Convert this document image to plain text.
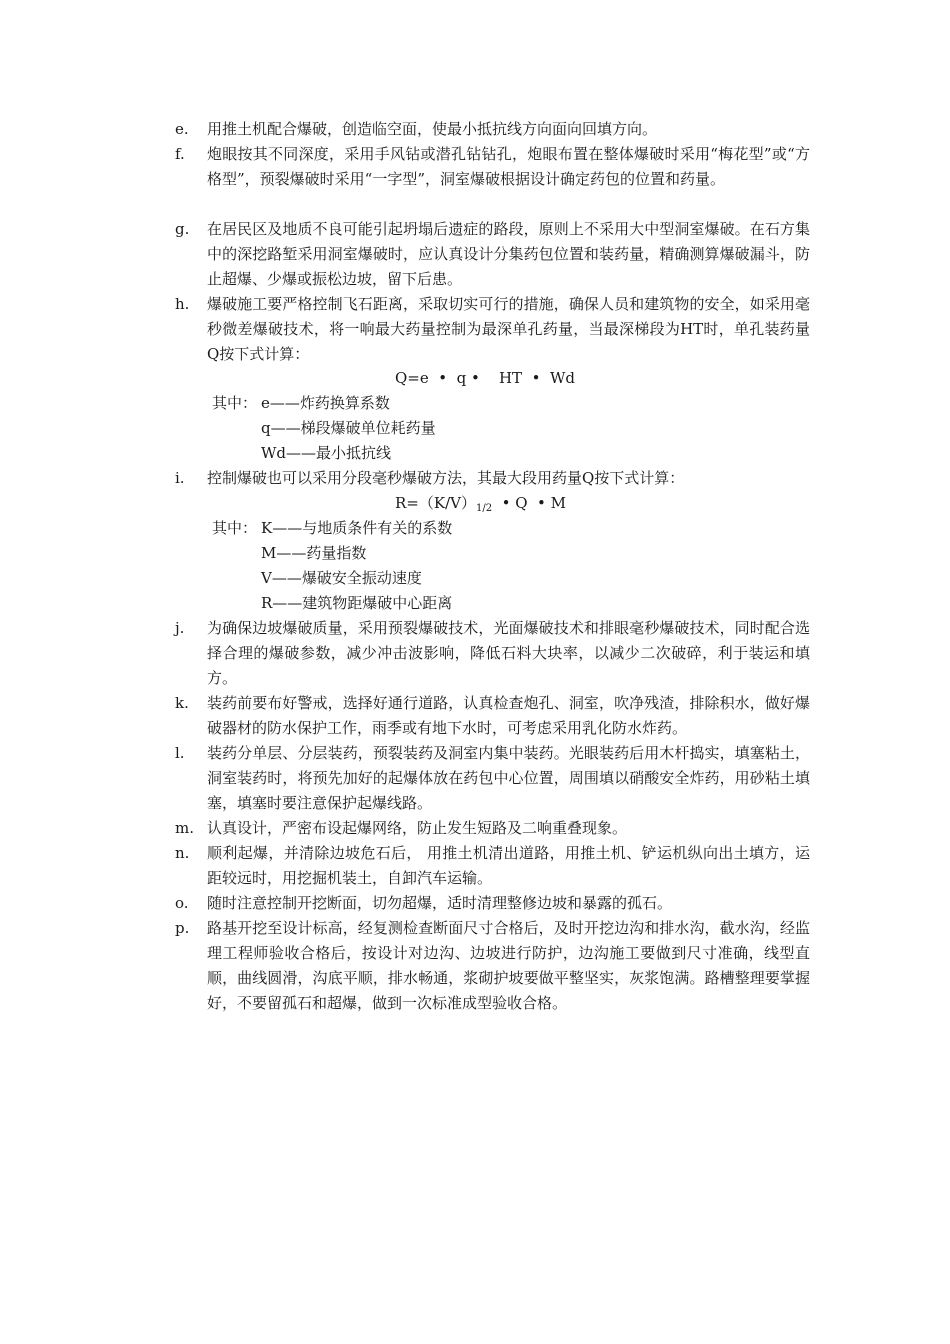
e.	用推土机配合爆破，创造临空面，使最小抵抗线方向面向回填方向。
f.	炮眼按其不同深度，采用手风钻或潜孔钻钻孔，炮眼布置在整体爆破时采用“梅花型”或“方格型”，预裂爆破时采用“一字型”，洞室爆破根据设计确定药包的位置和药量。
g.	在居民区及地质不良可能引起坍塌后遗症的路段，原则上不采用大中型洞室爆破。在石方集中的深挖路堑采用洞室爆破时，应认真设计分集药包位置和装药量，精确测算爆破漏斗，防止超爆、少爆或振松边坡，留下后患。
h.	爆破施工要严格控制飞石距离，采取切实可行的措施，确保人员和建筑物的安全，如采用毫秒微差爆破技术，将一响最大药量控制为最深单孔药量，当最深梯段为HT时，单孔装药量Q按下式计算：
Q=e  •  q •    HT  •  Wd
其中： e——炸药换算系数
q——梯段爆破单位耗药量
Wd——最小抵抗线
i.	控制爆破也可以采用分段毫秒爆破方法，其最大段用药量Q按下式计算：
$R=(K/V)_{1/2}$  • Q  • M
其中： K——与地质条件有关的系数
M——药量指数
V——爆破安全振动速度
R——建筑物距爆破中心距离
j.	为确保边坡爆破质量，采用预裂爆破技术，光面爆破技术和排眼毫秒爆破技术，同时配合选择合理的爆破参数，减少冲击波影响，降低石料大块率，以减少二次破碎，利于装运和填方。
k.	装药前要布好警戒，选择好通行道路，认真检查炮孔、洞室，吹净残渣，排除积水，做好爆破器材的防水保护工作，雨季或有地下水时，可考虑采用乳化防水炸药。
l.	装药分单层、分层装药，预裂装药及洞室内集中装药。光眼装药后用木杆捣实，填塞粘土，洞室装药时，将预先加好的起爆体放在药包中心位置，周围填以硝酸安全炸药，用砂粘土填塞，填塞时要注意保护起爆线路。
m. 认真设计，严密布设起爆网络，防止发生短路及二响重叠现象。
n.	顺利起爆，并清除边坡危石后， 用推土机清出道路，用推土机、铲运机纵向出土填方，运距较远时，用挖掘机装土，自卸汽车运输。
o.	随时注意控制开挖断面，切勿超爆，适时清理整修边坡和暴露的孤石。
p.	路基开挖至设计标高，经复测检查断面尺寸合格后，及时开挖边沟和排水沟，截水沟，经监理工程师验收合格后，按设计对边沟、边坡进行防护，边沟施工要做到尺寸准确，线型直顺，曲线圆滑，沟底平顺，排水畅通，浆砌护坡要做平整坚实，灰浆饱满。路槽整理要掌握好，不要留孤石和超爆，做到一次标准成型验收合格。
